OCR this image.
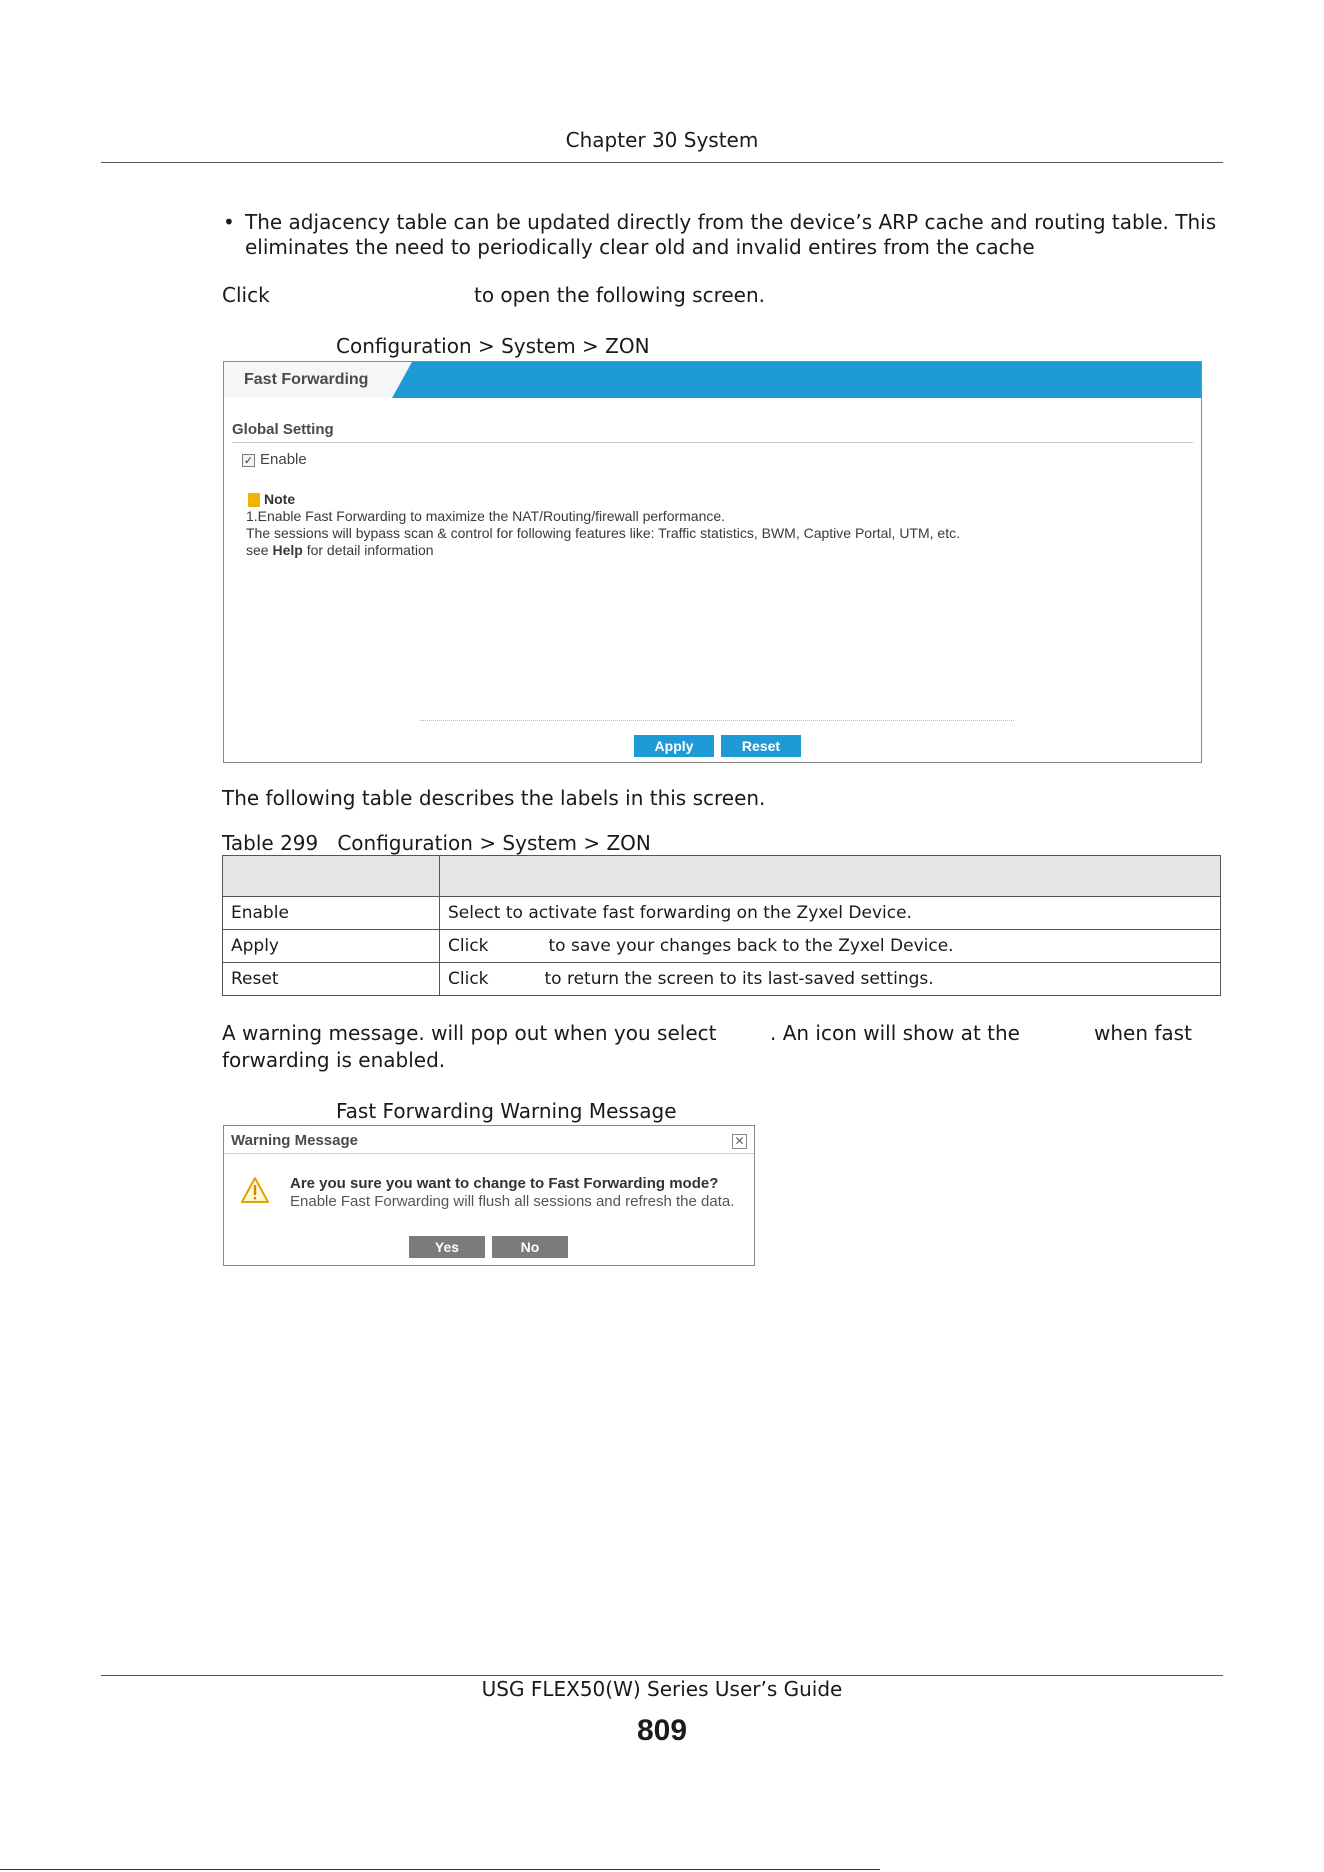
Chapter 30 System
• The adjacency table can be updated directly from the device’s ARP cache and routing table. This
eliminates the need to periodically clear old and invalid entires from the cache
Click	to open the following screen.
Configuration > System > ZON
Fast Forwarding
Global Setting
✓ Enable
Note
1.Enable Fast Forwarding to maximize the NAT/Routing/firewall performance.
The sessions will bypass scan & control for following features like: Traffic statistics, BWM, Captive Portal, UTM, etc.
see Help for detail information
Apply	Reset
The following table describes the labels in this screen.
Table 299   Configuration > System > ZON

Enable	Select to activate fast forwarding on the Zyxel Device.
Apply	Click to save your changes back to the Zyxel Device.
Reset	Click to return the screen to its last-saved settings.
A warning message. will pop out when you select	. An icon will show at the	when fast
forwarding is enabled.
Fast Forwarding Warning Message
Warning Message	✕
Are you sure you want to change to Fast Forwarding mode?
Enable Fast Forwarding will flush all sessions and refresh the data.
Yes	No
USG FLEX50(W) Series User’s Guide
809
